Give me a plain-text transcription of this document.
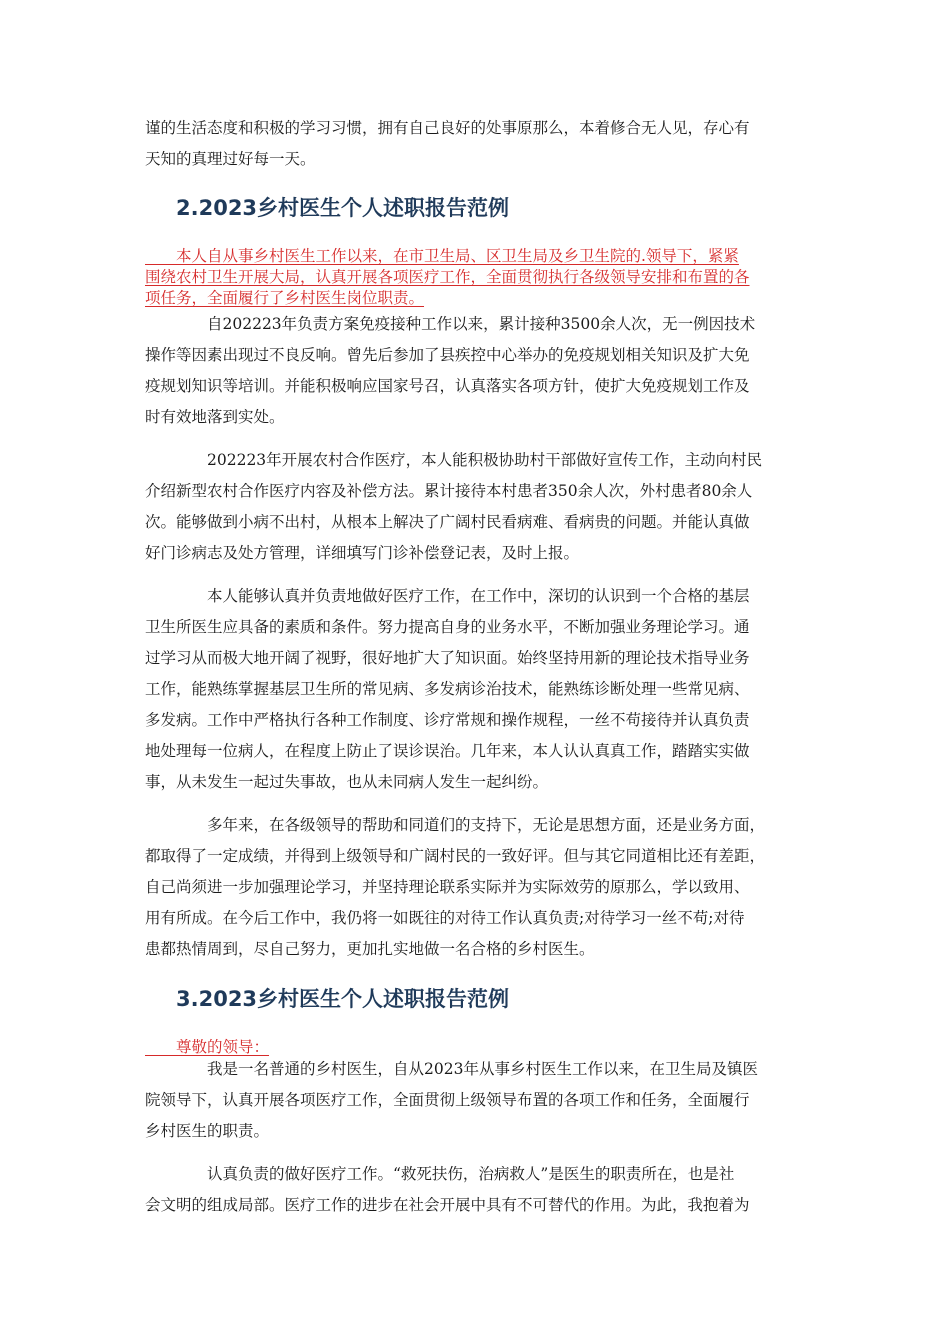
谨的生活态度和积极的学习习惯，拥有自己良好的处事原那么，本着修合无人见，存心有
天知的真理过好每一天。
2.2023乡村医生个人述职报告范例
　　本人自从事乡村医生工作以来，在市卫生局、区卫生局及乡卫生院的.领导下，紧紧
围绕农村卫生开展大局，认真开展各项医疗工作，全面贯彻执行各级领导安排和布置的各
项任务，全面履行了乡村医生岗位职责。
　　　　自202223年负责方案免疫接种工作以来，累计接种3500余人次，无一例因技术
操作等因素出现过不良反响。曾先后参加了县疾控中心举办的免疫规划相关知识及扩大免
疫规划知识等培训。并能积极响应国家号召，认真落实各项方针，使扩大免疫规划工作及
时有效地落到实处。
　　　　202223年开展农村合作医疗，本人能积极协助村干部做好宣传工作，主动向村民
介绍新型农村合作医疗内容及补偿方法。累计接待本村患者350余人次，外村患者80余人
次。能够做到小病不出村，从根本上解决了广阔村民看病难、看病贵的问题。并能认真做
好门诊病志及处方管理，详细填写门诊补偿登记表，及时上报。
　　　　本人能够认真并负责地做好医疗工作，在工作中，深切的认识到一个合格的基层
卫生所医生应具备的素质和条件。努力提高自身的业务水平，不断加强业务理论学习。通
过学习从而极大地开阔了视野，很好地扩大了知识面。始终坚持用新的理论技术指导业务
工作，能熟练掌握基层卫生所的常见病、多发病诊治技术，能熟练诊断处理一些常见病、
多发病。工作中严格执行各种工作制度、诊疗常规和操作规程，一丝不苟接待并认真负责
地处理每一位病人，在程度上防止了误诊误治。几年来，本人认认真真工作，踏踏实实做
事，从未发生一起过失事故，也从未同病人发生一起纠纷。
　　　　多年来，在各级领导的帮助和同道们的支持下，无论是思想方面，还是业务方面，
都取得了一定成绩，并得到上级领导和广阔村民的一致好评。但与其它同道相比还有差距，
自己尚须进一步加强理论学习，并坚持理论联系实际并为实际效劳的原那么，学以致用、
用有所成。在今后工作中，我仍将一如既往的对待工作认真负责;对待学习一丝不苟;对待
患都热情周到，尽自己努力，更加扎实地做一名合格的乡村医生。
3.2023乡村医生个人述职报告范例
　　尊敬的领导：
　　　　我是一名普通的乡村医生，自从2023年从事乡村医生工作以来，在卫生局及镇医
院领导下，认真开展各项医疗工作，全面贯彻上级领导布置的各项工作和任务，全面履行
乡村医生的职责。
　　　　认真负责的做好医疗工作。“救死扶伤，治病救人”是医生的职责所在，也是社
会文明的组成局部。医疗工作的进步在社会开展中具有不可替代的作用。为此，我抱着为
